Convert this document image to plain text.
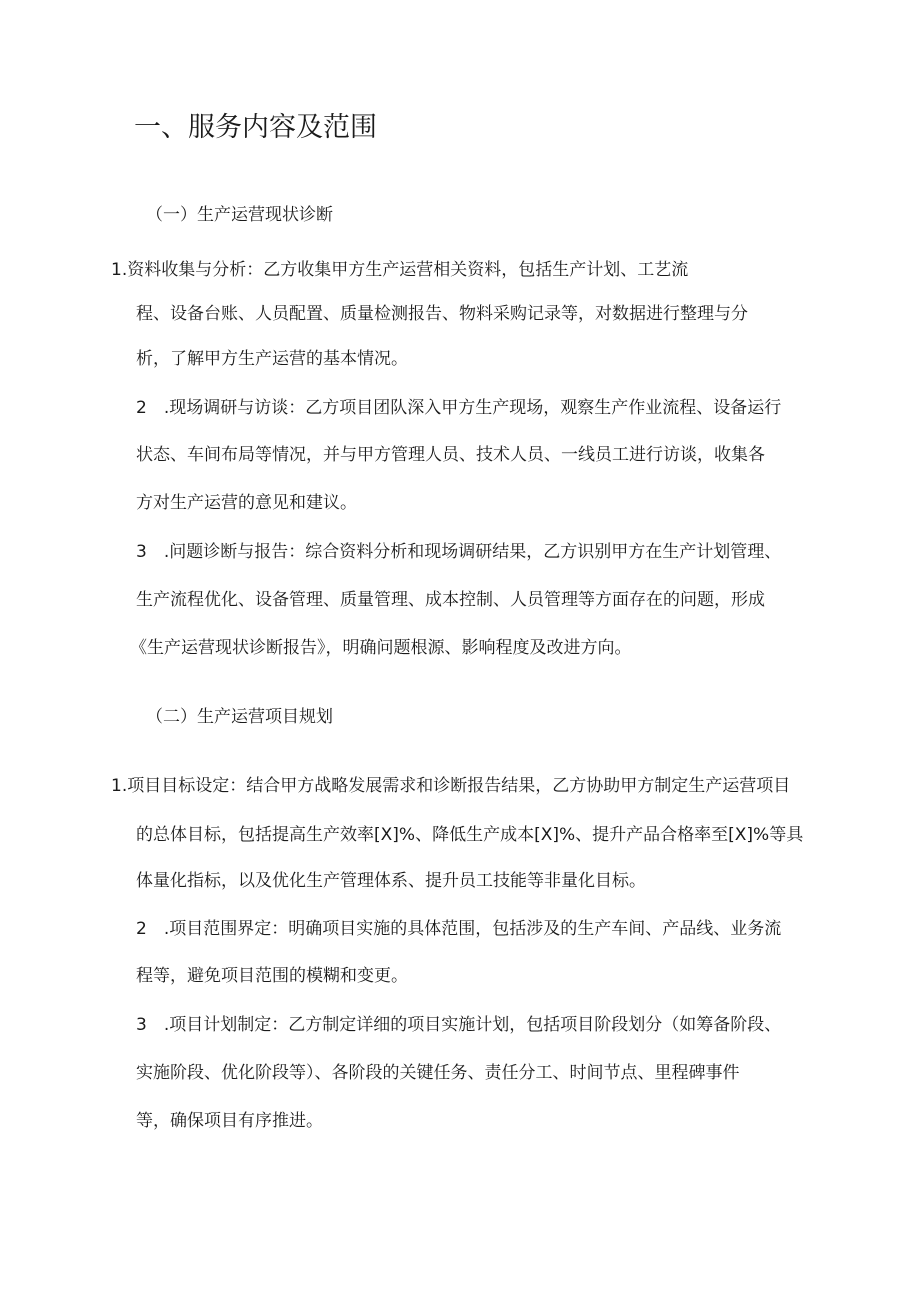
一、服务内容及范围
（一）生产运营现状诊断
1.资料收集与分析：乙方收集甲方生产运营相关资料，包括生产计划、工艺流
程、设备台账、人员配置、质量检测报告、物料采购记录等，对数据进行整理与分
析，了解甲方生产运营的基本情况。
2　.现场调研与访谈：乙方项目团队深入甲方生产现场，观察生产作业流程、设备运行
状态、车间布局等情况，并与甲方管理人员、技术人员、一线员工进行访谈，收集各
方对生产运营的意见和建议。
3　.问题诊断与报告：综合资料分析和现场调研结果，乙方识别甲方在生产计划管理、
生产流程优化、设备管理、质量管理、成本控制、人员管理等方面存在的问题，形成
《生产运营现状诊断报告》，明确问题根源、影响程度及改进方向。
（二）生产运营项目规划
1.项目目标设定：结合甲方战略发展需求和诊断报告结果，乙方协助甲方制定生产运营项目
的总体目标，包括提高生产效率[X]%、降低生产成本[X]%、提升产品合格率至[X]%等具
体量化指标，以及优化生产管理体系、提升员工技能等非量化目标。
2　.项目范围界定：明确项目实施的具体范围，包括涉及的生产车间、产品线、业务流
程等，避免项目范围的模糊和变更。
3　.项目计划制定：乙方制定详细的项目实施计划，包括项目阶段划分（如筹备阶段、
实施阶段、优化阶段等）、各阶段的关键任务、责任分工、时间节点、里程碑事件
等，确保项目有序推进。
